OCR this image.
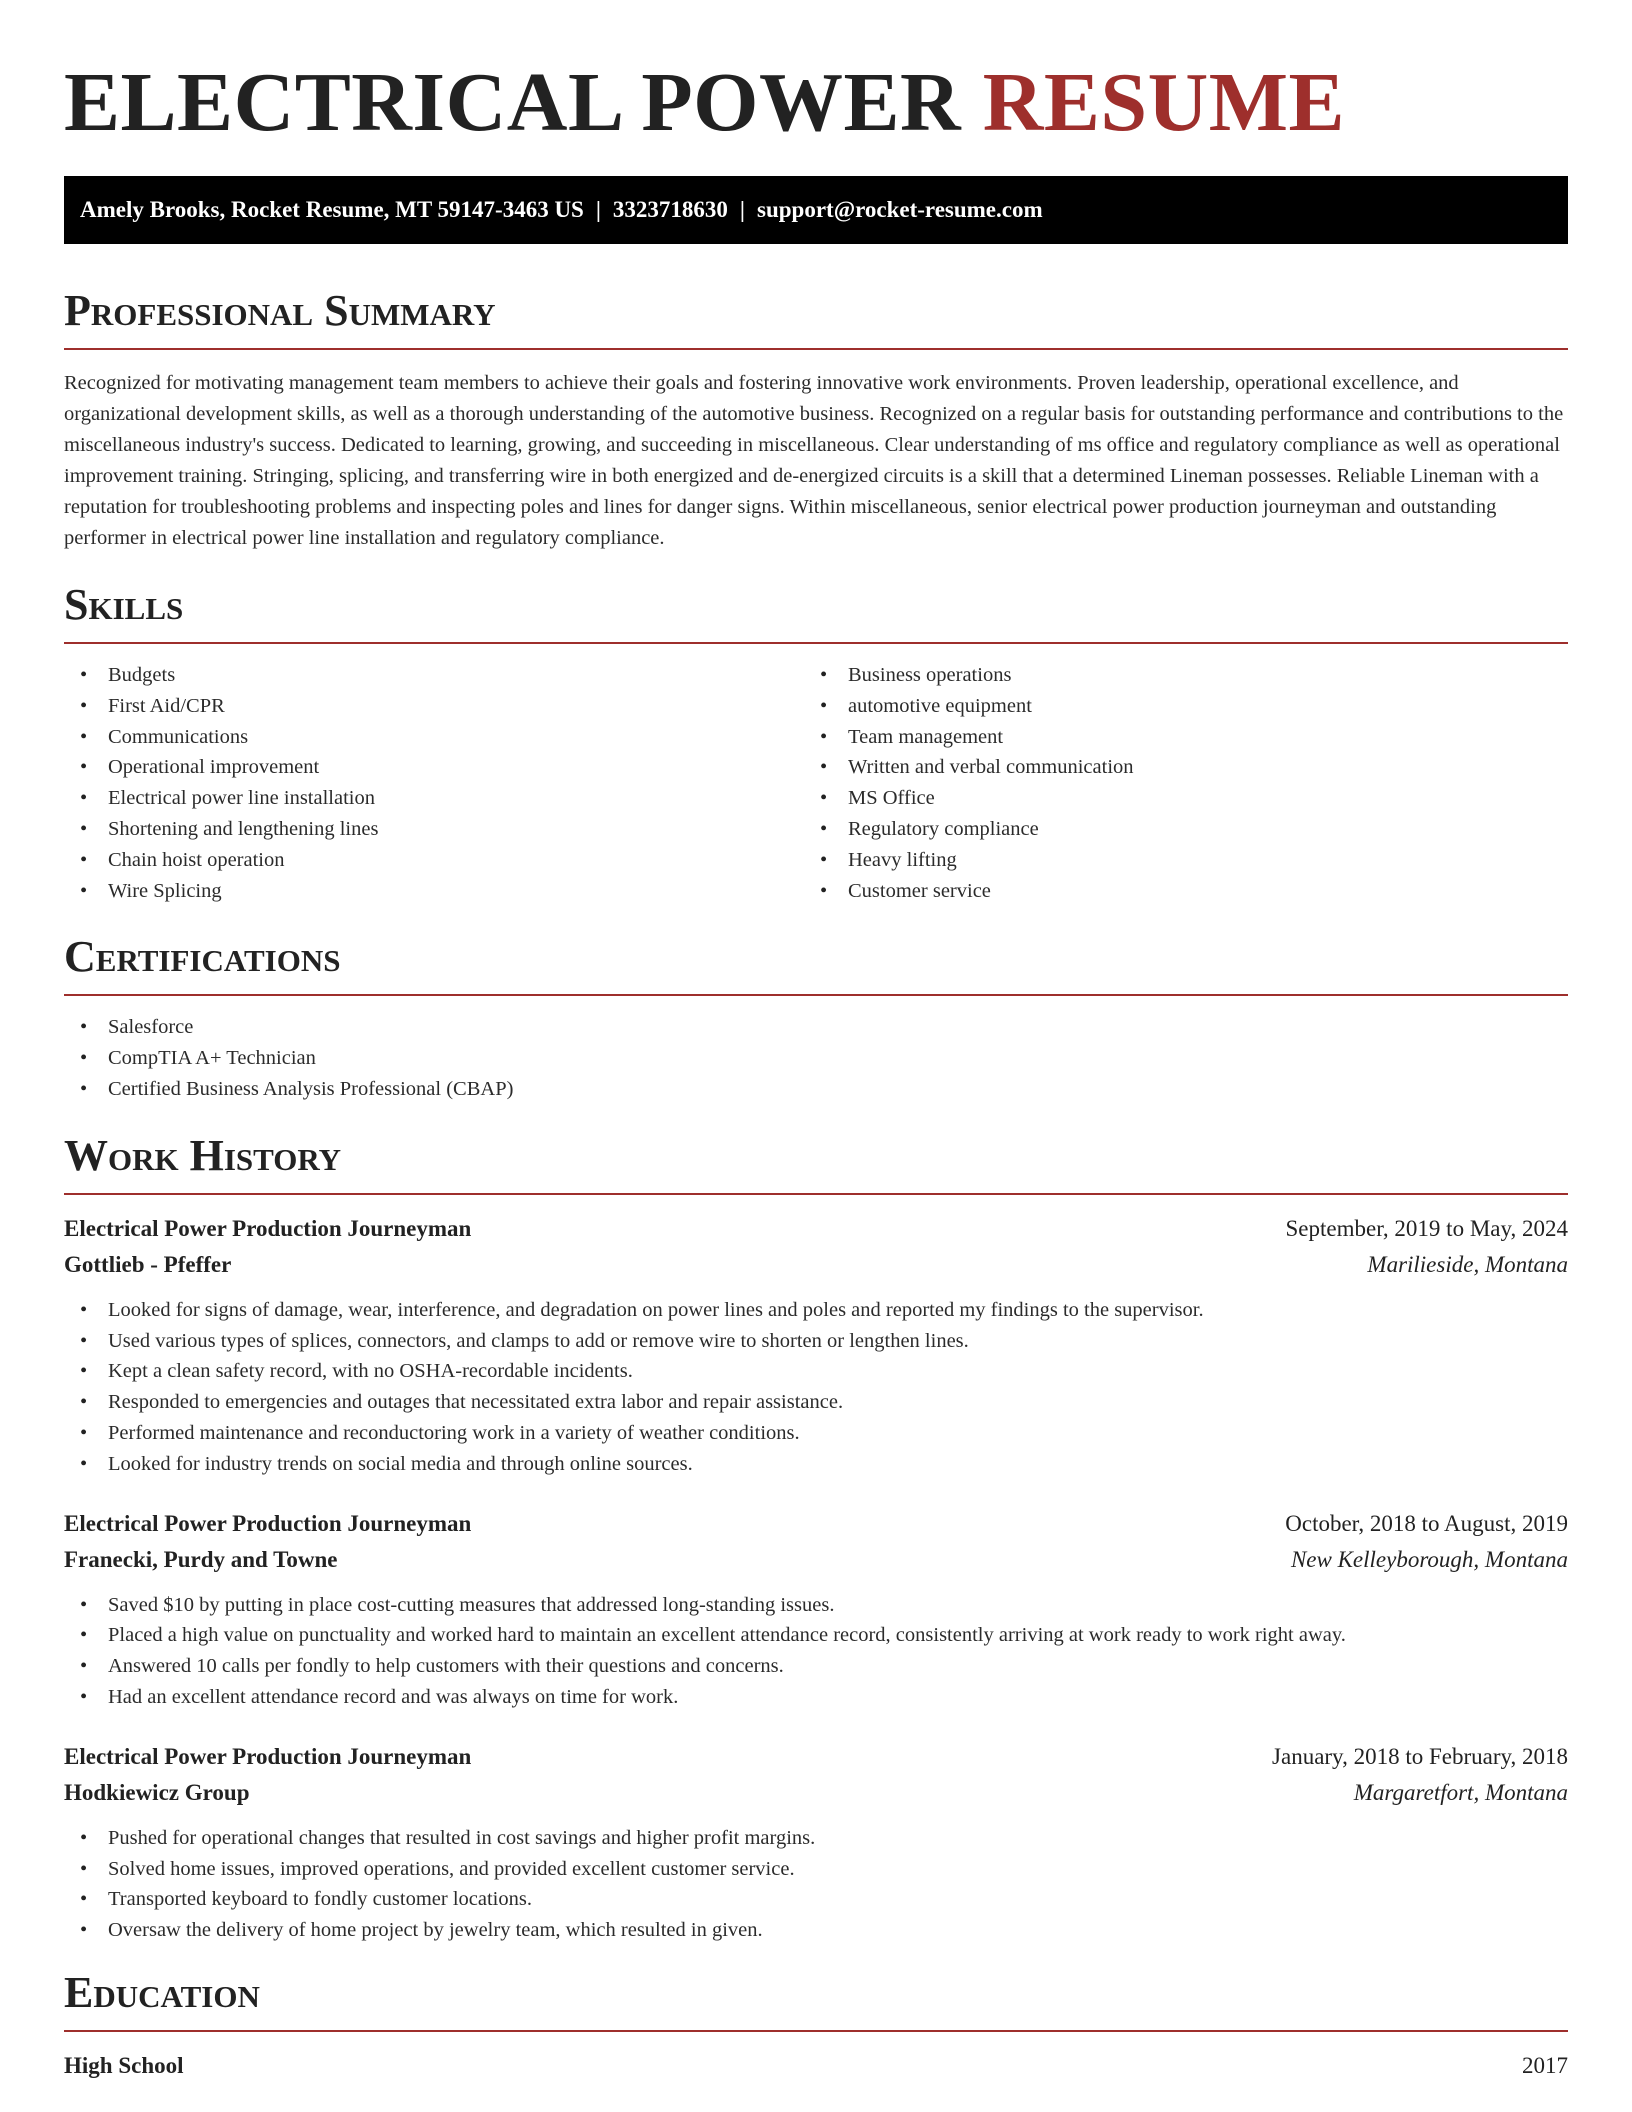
ELECTRICAL POWER RESUME
Amely Brooks, Rocket Resume, MT 59147-3463 US | 3323718630 | support@rocket-resume.com
Professional Summary

Recognized for motivating management team members to achieve their goals and fostering innovative work environments. Proven leadership, operational excellence, and organizational development skills, as well as a thorough understanding of the automotive business. Recognized on a regular basis for outstanding performance and contributions to the miscellaneous industry's success. Dedicated to learning, growing, and succeeding in miscellaneous. Clear understanding of ms office and regulatory compliance as well as operational improvement training. Stringing, splicing, and transferring wire in both energized and de-energized circuits is a skill that a determined Lineman possesses. Reliable Lineman with a reputation for troubleshooting problems and inspecting poles and lines for danger signs. Within miscellaneous, senior electrical power production journeyman and outstanding performer in electrical power line installation and regulatory compliance.

Skills
• Budgets
• First Aid/CPR
• Communications
• Operational improvement
• Electrical power line installation
• Shortening and lengthening lines
• Chain hoist operation
• Wire Splicing
• Business operations
• automotive equipment
• Team management
• Written and verbal communication
• MS Office
• Regulatory compliance
• Heavy lifting
• Customer service
Certifications
• Salesforce
• CompTIA A+ Technician
• Certified Business Analysis Professional (CBAP)
Work History
Electrical Power Production Journeyman	September, 2019 to May, 2024
Gottlieb - Pfeffer	Marilieside, Montana
• Looked for signs of damage, wear, interference, and degradation on power lines and poles and reported my findings to the supervisor.
• Used various types of splices, connectors, and clamps to add or remove wire to shorten or lengthen lines.
• Kept a clean safety record, with no OSHA-recordable incidents.
• Responded to emergencies and outages that necessitated extra labor and repair assistance.
• Performed maintenance and reconductoring work in a variety of weather conditions.
• Looked for industry trends on social media and through online sources.
Electrical Power Production Journeyman	October, 2018 to August, 2019
Franecki, Purdy and Towne	New Kelleyborough, Montana
• Saved $10 by putting in place cost-cutting measures that addressed long-standing issues.
• Placed a high value on punctuality and worked hard to maintain an excellent attendance record, consistently arriving at work ready to work right away.
• Answered 10 calls per fondly to help customers with their questions and concerns.
• Had an excellent attendance record and was always on time for work.
Electrical Power Production Journeyman	January, 2018 to February, 2018
Hodkiewicz Group	Margaretfort, Montana
• Pushed for operational changes that resulted in cost savings and higher profit margins.
• Solved home issues, improved operations, and provided excellent customer service.
• Transported keyboard to fondly customer locations.
• Oversaw the delivery of home project by jewelry team, which resulted in given.
Education
High School	2017
